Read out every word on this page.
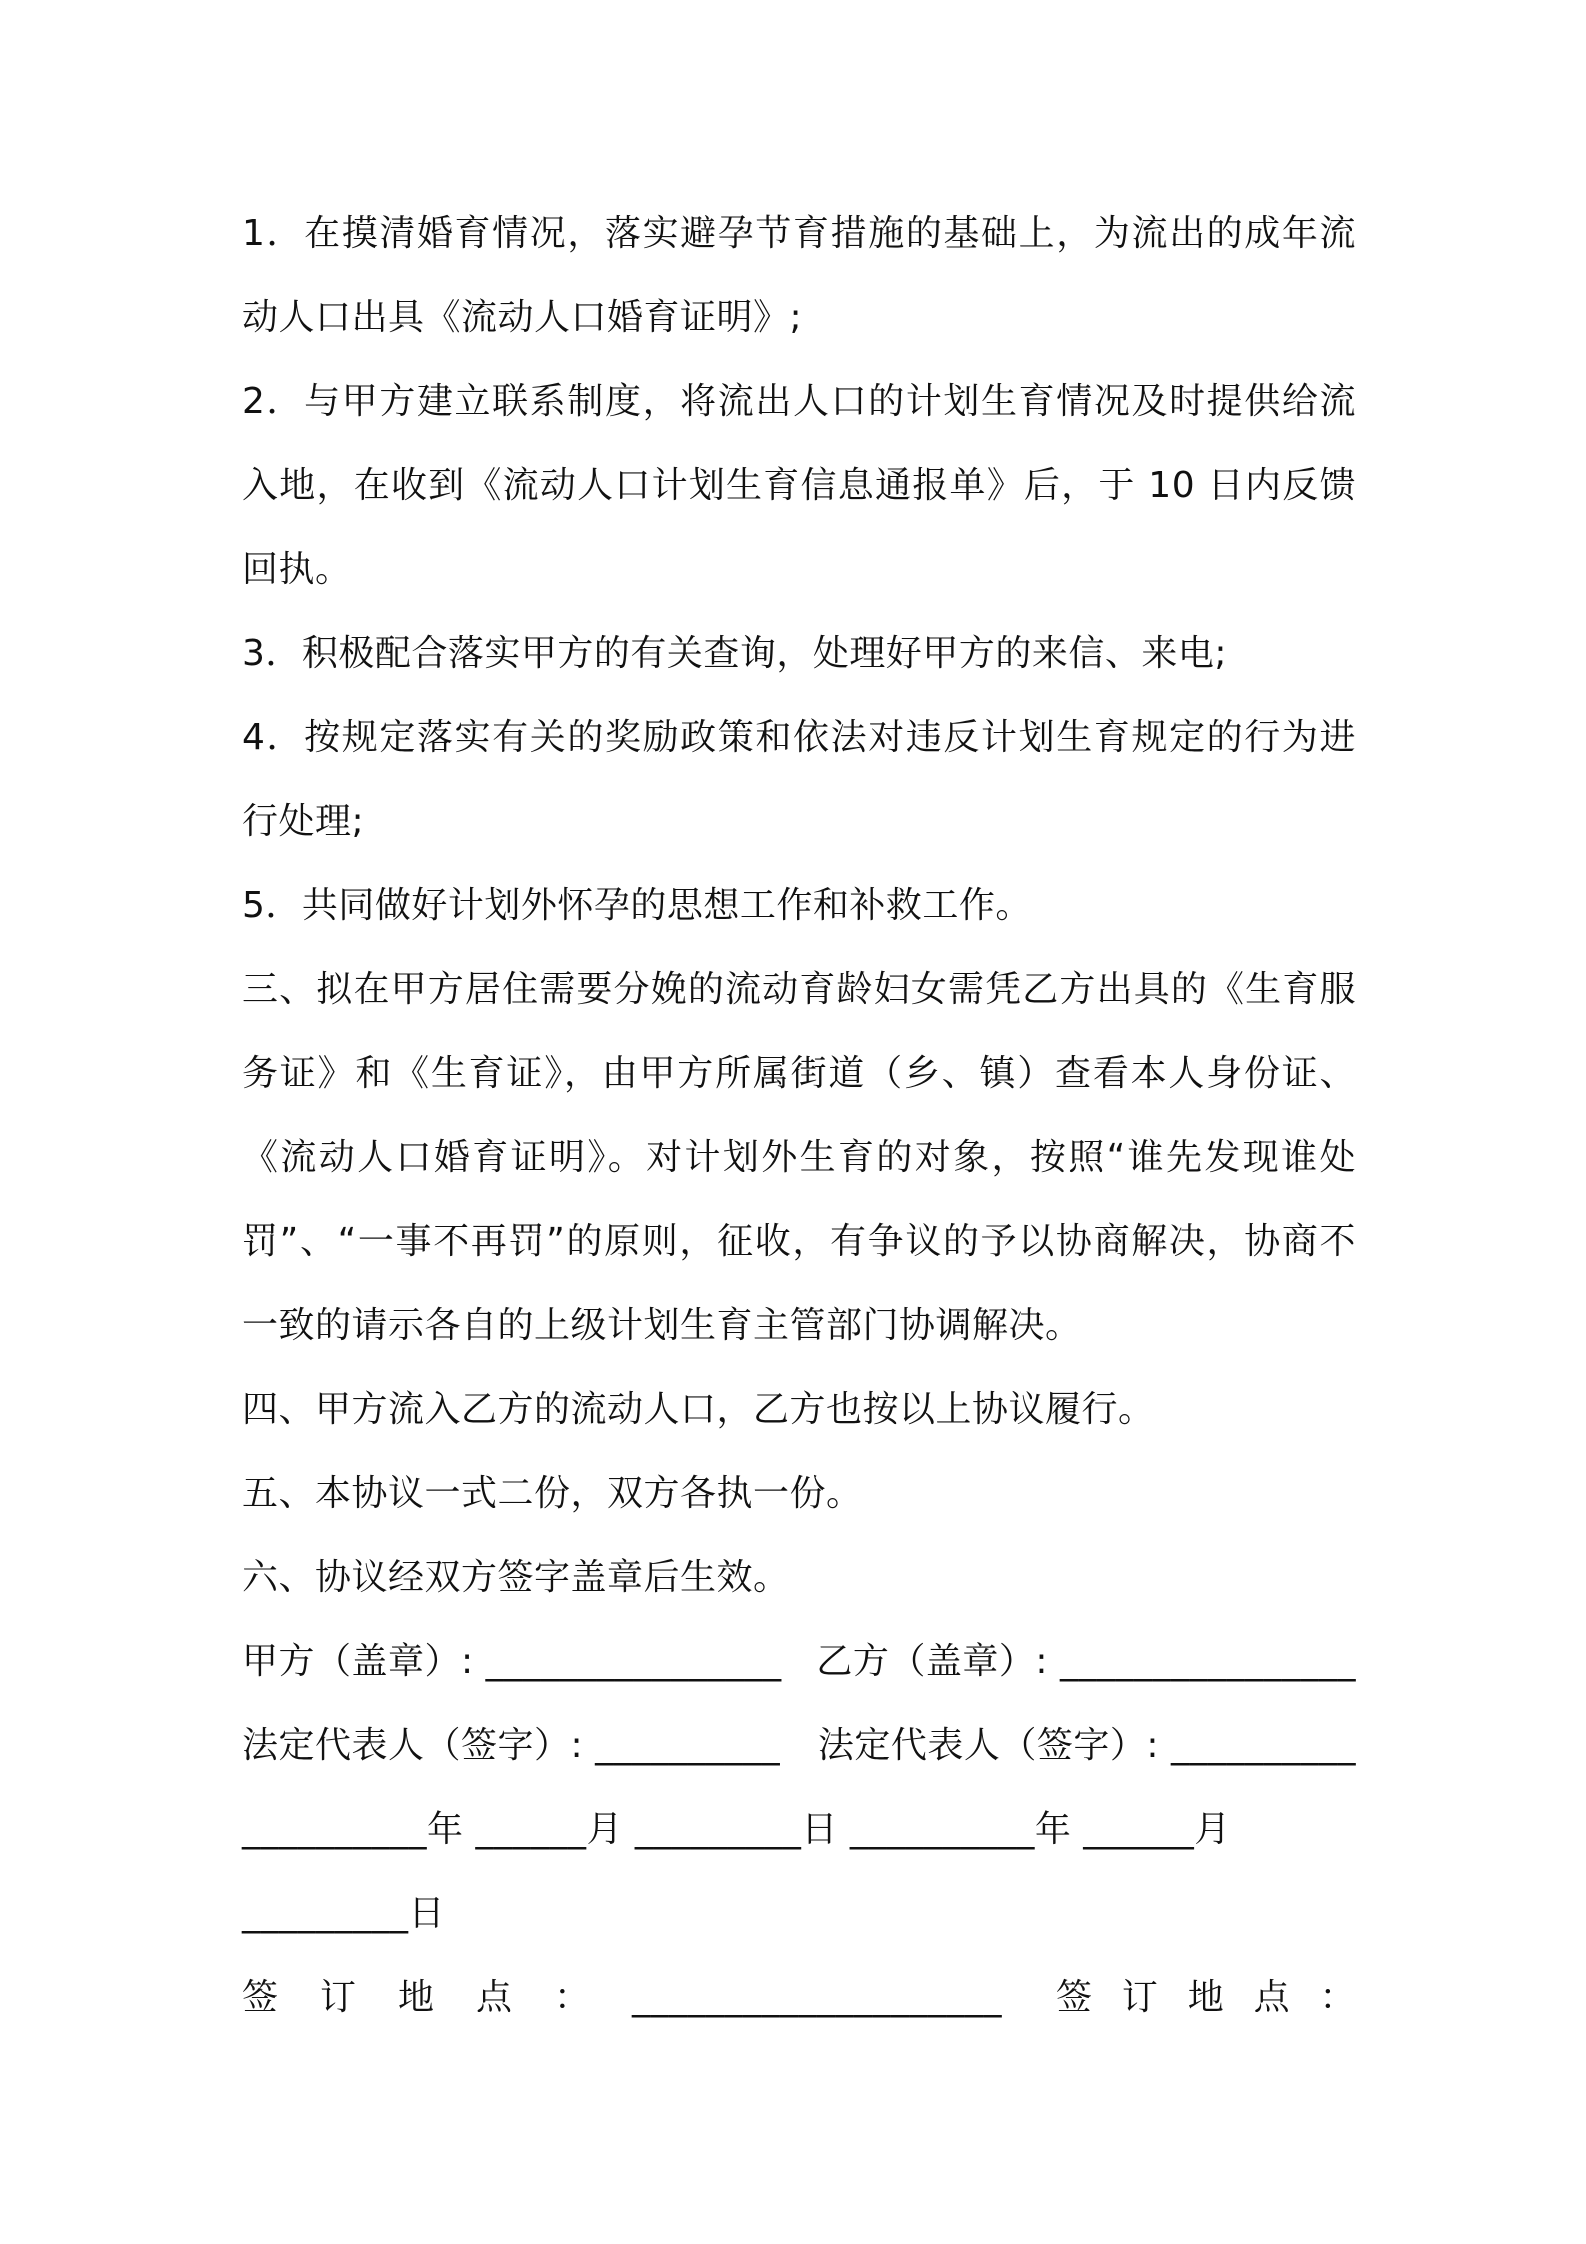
1．在摸清婚育情况，落实避孕节育措施的基础上，为流出的成年流动人口出具《流动人口婚育证明》;

2．与甲方建立联系制度，将流出人口的计划生育情况及时提供给流入地，在收到《流动人口计划生育信息通报单》后，于 10 日内反馈回执。

3．积极配合落实甲方的有关查询，处理好甲方的来信、来电;

4．按规定落实有关的奖励政策和依法对违反计划生育规定的行为进行处理;

5．共同做好计划外怀孕的思想工作和补救工作。

三、拟在甲方居住需要分娩的流动育龄妇女需凭乙方出具的《生育服务证》和《生育证》，由甲方所属街道（乡、镇）查看本人身份证、《流动人口婚育证明》。对计划外生育的对象，按照“谁先发现谁处罚”、“一事不再罚”的原则，征收，有争议的予以协商解决，协商不一致的请示各自的上级计划生育主管部门协调解决。

四、甲方流入乙方的流动人口，乙方也按以上协议履行。

五、本协议一式二份，双方各执一份。

六、协议经双方签字盖章后生效。

甲方（盖章）: ________________ 乙方（盖章）: ________________
法定代表人（签字）: __________ 法定代表人（签字）: __________
__________年 ______月 _________日 __________年 ______月
_________日
签 订 地 点 ： ____________________ 签 订 地 点 ：
